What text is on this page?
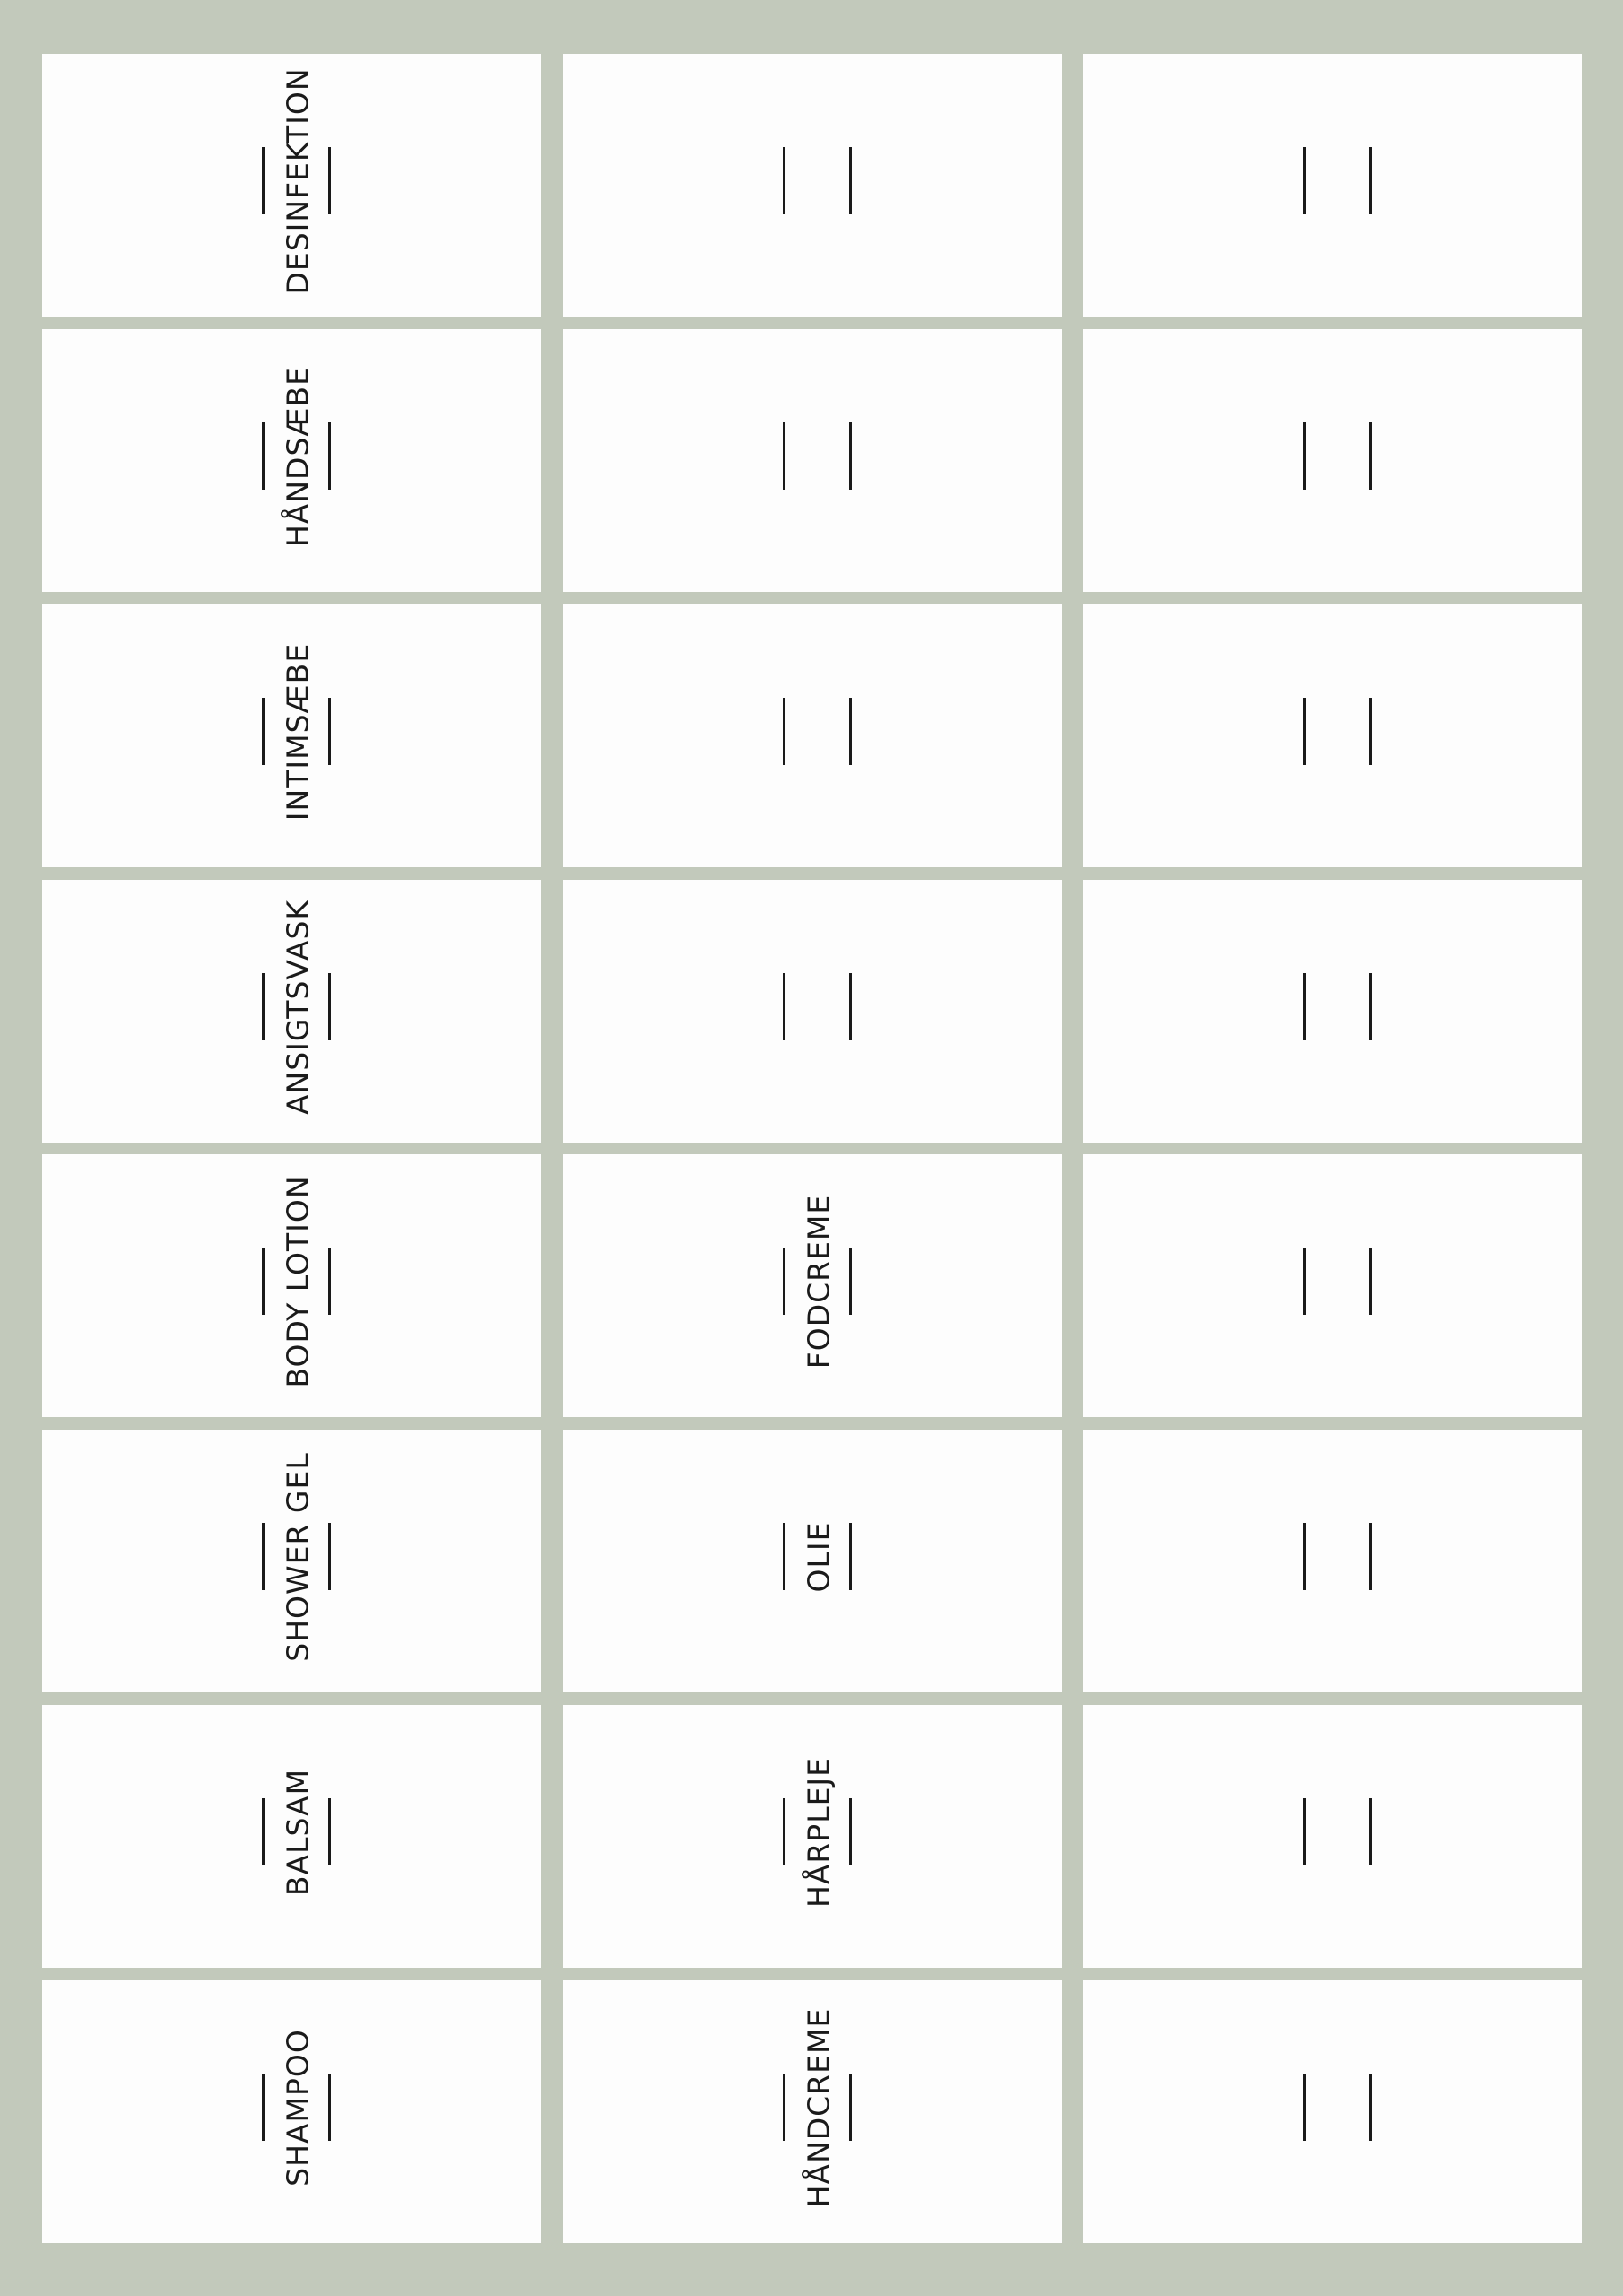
DESINFEKTION
HÅNDSÆBE
INTIMSÆBE
ANSIGTSVASK
BODY LOTION	FODCREME
SHOWER GEL	OLIE
BALSAM	HÅRPLEJE
SHAMPOO	HÅNDCREME
